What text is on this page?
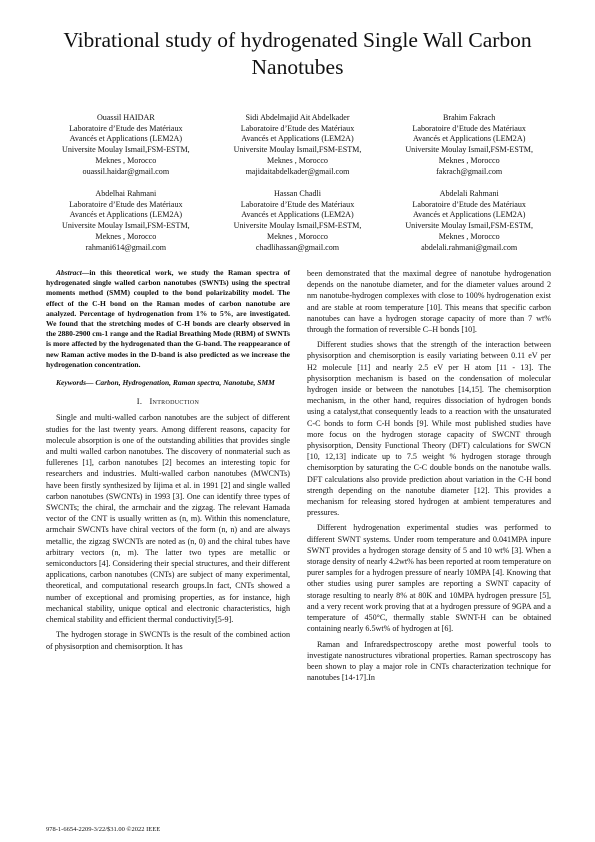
Vibrational study of hydrogenated Single Wall Carbon Nanotubes
Ouassil HAIDAR
Laboratoire d’Etude des Matériaux
Avancés et Applications (LEM2A)
Universite Moulay Ismail,FSM-ESTM,
Meknes , Morocco
ouassil.haidar@gmail.com
Sidi Abdelmajid Ait Abdelkader
Laboratoire d’Etude des Matériaux
Avancés et Applications (LEM2A)
Universite Moulay Ismail,FSM-ESTM,
Meknes , Morocco
majidaitabdelkader@gmail.com
Brahim Fakrach
Laboratoire d’Etude des Matériaux
Avancés et Applications (LEM2A)
Universite Moulay Ismail,FSM-ESTM,
Meknes , Morocco
fakrach@gmail.com
Abdelhai Rahmani
Laboratoire d’Etude des Matériaux
Avancés et Applications (LEM2A)
Universite Moulay Ismail,FSM-ESTM,
Meknes , Morocco
rahmani614@gmail.com
Hassan Chadli
Laboratoire d’Etude des Matériaux
Avancés et Applications (LEM2A)
Universite Moulay Ismail,FSM-ESTM,
Meknes , Morocco
chadlihassan@gmail.com
Abdelali Rahmani
Laboratoire d’Etude des Matériaux
Avancés et Applications (LEM2A)
Universite Moulay Ismail,FSM-ESTM,
Meknes , Morocco
abdelali.rahmani@gmail.com

Abstract—in this theoretical work, we study the Raman spectra of hydrogenated single walled carbon nanotubes (SWNTs) using the spectral moments method (SMM) coupled to the bond polarizability model. The effect of the C-H bond on the Raman modes of carbon nanotube are analyzed. Percentage of hydrogenation from 1% to 5%, are investigated. We found that the stretching modes of C-H bonds are clearly observed in the 2880-2900 cm-1 range and the Radial Breathing Mode (RBM) of SWNTs is more affected by the hydrogenated than the G-band. The reappearance of new Raman active modes in the D-band is also predicted as we increase the hydrogenation concentration.

Keywords— Carbon, Hydrogenation, Raman spectra, Nanotube, SMM

I. Introduction

Single and multi-walled carbon nanotubes are the subject of different studies for the last twenty years. Among different reasons, capacity for molecule absorption is one of the outstanding abilities that provides single and multi walled carbon nanotubes. The discovery of nonmaterial such as fullerenes [1], carbon nanotubes [2] becomes an interesting topic for researchers and industries. Multi-walled carbon nanotubes (MWCNTs) have been firstly synthesized by Iijima et al. in 1991 [2] and single walled carbon nanotubes (SWCNTs) in 1993 [3]. One can identify three types of SWCNTs; the chiral, the armchair and the zigzag. The relevant Hamada vector of the CNT is usually written as (n, m). Within this nomenclature, armchair SWCNTs have chiral vectors of the form (n, n) and are always metallic, the zigzag SWCNTs are noted as (n, 0) and the chiral tubes have arbitrary vectors (n, m). The latter two types are metallic or semiconductors [4]. Considering their special structures, and their different applications, carbon nanotubes (CNTs) are subject of many experimental, theoretical, and computational research groups.In fact, CNTs showed a number of exceptional and promising properties, as for instance, high mechanical stability, unique optical and electronic characteristics, high chemical stability and efficient thermal conductivity[5-9].

The hydrogen storage in SWCNTs is the result of the combined action of physisorption and chemisorption. It has

been demonstrated that the maximal degree of nanotube hydrogenation depends on the nanotube diameter, and for the diameter values around 2 nm nanotube-hydrogen complexes with close to 100% hydrogenation exist and are stable at room temperature [10]. This means that specific carbon nanotubes can have a hydrogen storage capacity of more than 7 wt% through the formation of reversible C–H bonds [10].

Different studies shows that the strength of the interaction between physisorption and chemisorption is easily variating between 0.11 eV per H2 molecule [11] and nearly 2.5 eV per H atom [11 - 13]. The physisorption mechanism is based on the condensation of molecular hydrogen inside or between the nanotubes [14,15]. The chemisorption mechanism, in the other hand, requires dissociation of hydrogen bonds using a catalyst,that consequently leads to a reaction with the unsaturated C-C bonds to form C-H bonds [9]. While most published studies have more focus on the hydrogen storage capacity of SWCNT through physisorption, Density Functional Theory (DFT) calculations for SWCN [10, 12,13] indicate up to 7.5 weight % hydrogen storage through chemisorption by saturating the C-C double bonds on the nanotube walls. DFT calculations also provide prediction about variation in the C-H bond strength depending on the nanotube diameter [12]. This provides a mechanism for releasing stored hydrogen at ambient temperatures and pressures.

Different hydrogenation experimental studies was performed to different SWNT systems. Under room temperature and 0.041MPA inpure SWNT provides a hydrogen storage density of 5 and 10 wt% [3]. When a storage density of nearly 4.2wt% has been reported at room temperature on purer samples for a hydrogen pressure of nearly 10MPA [4]. Knowing that other studies using purer samples are reporting a SWNT capacity of storage resulting to nearly 8% at 80K and 10MPA hydrogen pressure [5], and a very recent work proving that at a hydrogen pressure of 9GPA and a temperature of 450°C, thermally stable SWNT-H can be obtained containing nearly 6.5wt% of hydrogen at [6].

Raman and Infraredspectroscopy arethe most powerful tools to investigate nanostructures vibrational properties. Raman spectroscopy has been shown to play a major role in CNTs characterization technique for nanotubes [14-17].In

978-1-6654-2209-3/22/$31.00 ©2022 IEEE
